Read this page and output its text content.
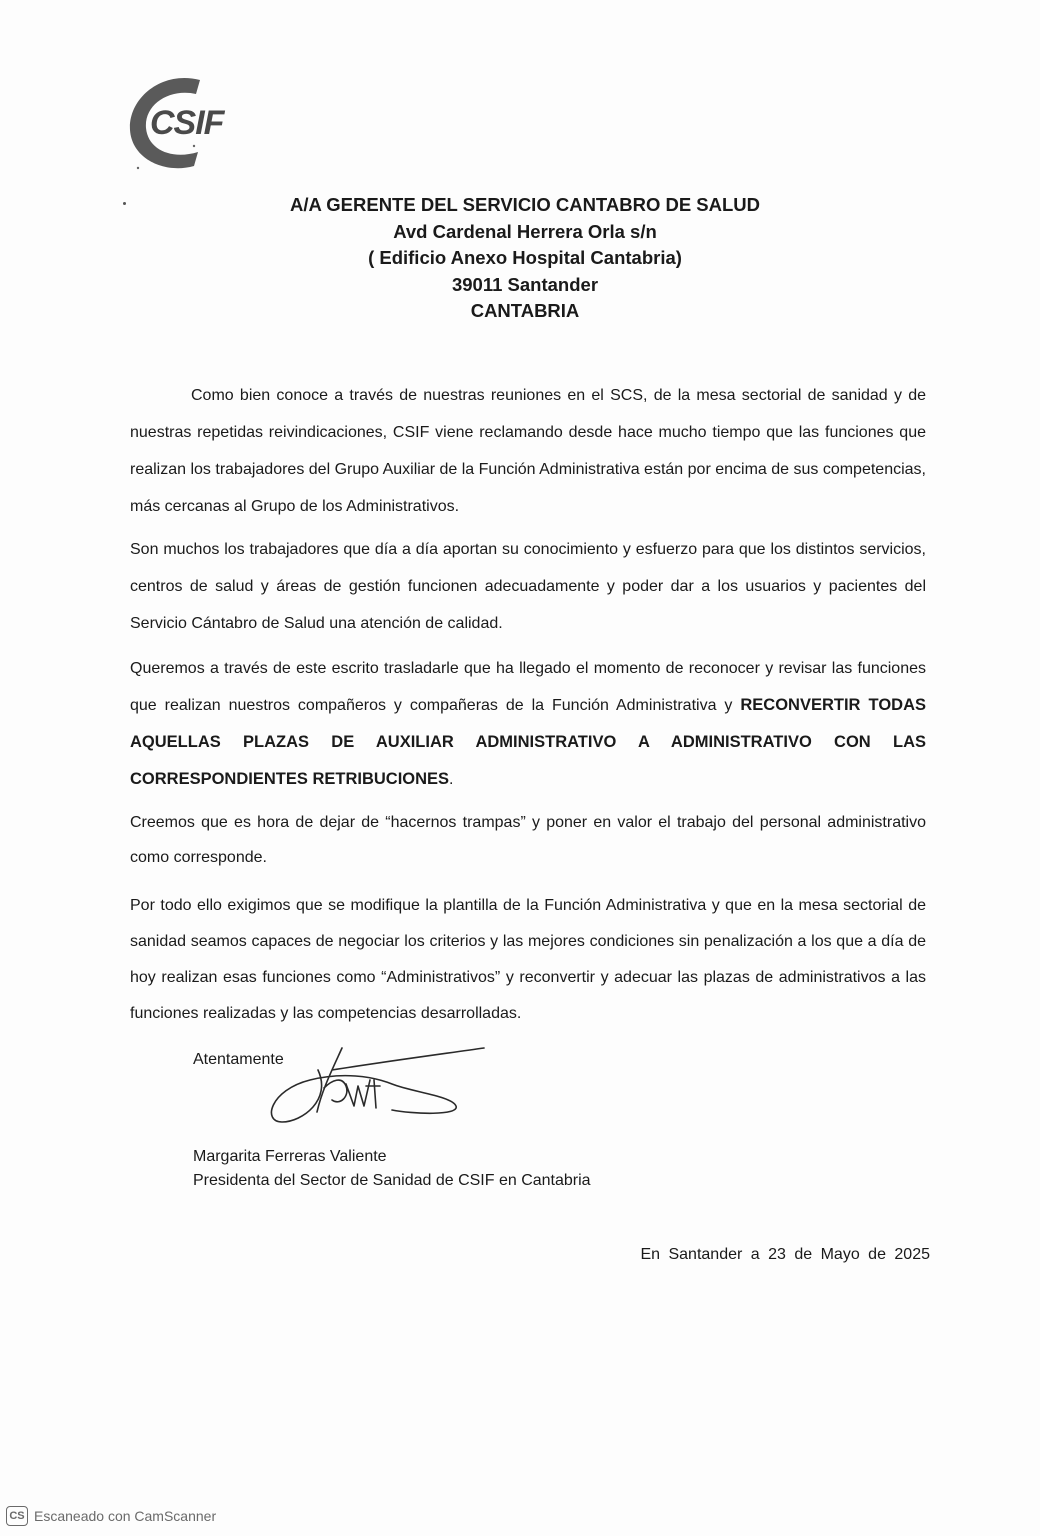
CSIF
A/A GERENTE DEL SERVICIO CANTABRO DE SALUD
Avd Cardenal Herrera Orla s/n
( Edificio Anexo Hospital Cantabria)
39011 Santander
CANTABRIA
Como bien conoce a través de nuestras reuniones en el SCS, de la mesa sectorial de sanidad y de nuestras repetidas reivindicaciones, CSIF viene reclamando desde hace mucho tiempo que las funciones que realizan los trabajadores del Grupo Auxiliar de la Función Administrativa están por encima de sus competencias, más cercanas al Grupo de los Administrativos.
Son muchos los trabajadores que día a día aportan su conocimiento y esfuerzo para que los distintos servicios, centros de salud y áreas de gestión funcionen adecuadamente y poder dar a los usuarios y pacientes del Servicio Cántabro de Salud una atención de calidad.
Queremos a través de este escrito trasladarle que ha llegado el momento de reconocer y revisar las funciones que realizan nuestros compañeros y compañeras de la Función Administrativa y RECONVERTIR TODAS AQUELLAS PLAZAS DE AUXILIAR ADMINISTRATIVO A ADMINISTRATIVO CON LAS CORRESPONDIENTES RETRIBUCIONES.
Creemos que es hora de dejar de “hacernos trampas” y poner en valor el trabajo del personal administrativo como corresponde.
Por todo ello exigimos que se modifique la plantilla de la Función Administrativa y que en la mesa sectorial de sanidad seamos capaces de negociar los criterios y las mejores condiciones sin penalización a los que a día de hoy realizan esas funciones como “Administrativos” y reconvertir y adecuar las plazas de administrativos a las funciones realizadas y las competencias desarrolladas.
Atentamente
Margarita Ferreras Valiente
Presidenta del Sector de Sanidad de CSIF en Cantabria
En Santander a 23 de Mayo de 2025
CS Escaneado con CamScanner
